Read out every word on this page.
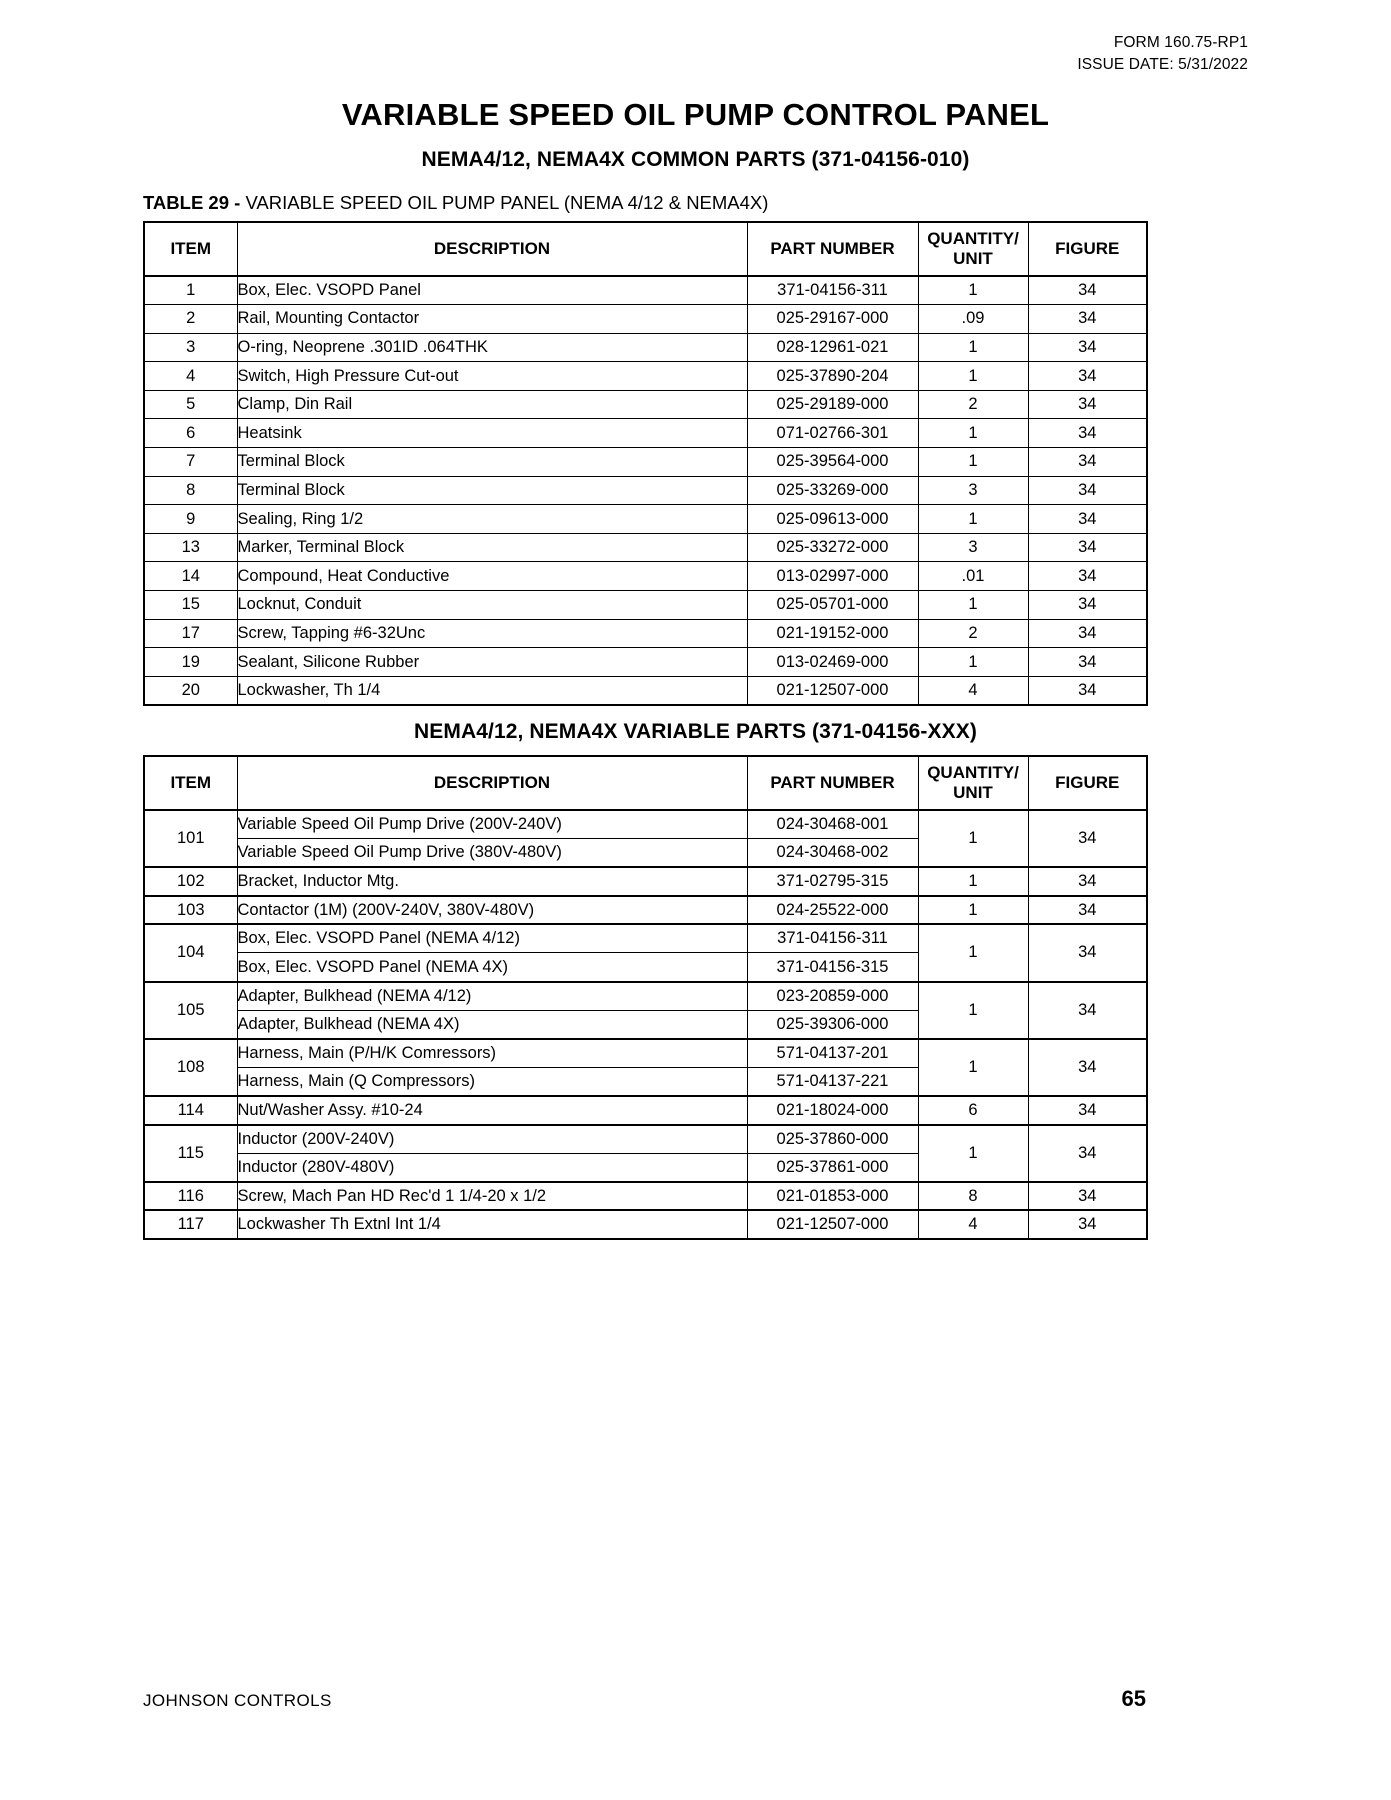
FORM 160.75-RP1
ISSUE DATE: 5/31/2022
VARIABLE SPEED OIL PUMP CONTROL PANEL
NEMA4/12, NEMA4X COMMON PARTS (371-04156-010)
TABLE 29 - VARIABLE SPEED OIL PUMP PANEL (NEMA 4/12 & NEMA4X)
ITEM	DESCRIPTION	PART NUMBER	QUANTITY/
UNIT	FIGURE
1	Box, Elec. VSOPD Panel	371-04156-311	1	34
2	Rail, Mounting Contactor	025-29167-000	.09	34
3	O-ring, Neoprene .301ID .064THK	028-12961-021	1	34
4	Switch, High Pressure Cut-out	025-37890-204	1	34
5	Clamp, Din Rail	025-29189-000	2	34
6	Heatsink	071-02766-301	1	34
7	Terminal Block	025-39564-000	1	34
8	Terminal Block	025-33269-000	3	34
9	Sealing, Ring 1/2	025-09613-000	1	34
13	Marker, Terminal Block	025-33272-000	3	34
14	Compound, Heat Conductive	013-02997-000	.01	34
15	Locknut, Conduit	025-05701-000	1	34
17	Screw, Tapping #6-32Unc	021-19152-000	2	34
19	Sealant, Silicone Rubber	013-02469-000	1	34
20	Lockwasher, Th 1/4	021-12507-000	4	34
NEMA4/12, NEMA4X VARIABLE PARTS (371-04156-XXX)
ITEM	DESCRIPTION	PART NUMBER	QUANTITY/
UNIT	FIGURE
101	Variable Speed Oil Pump Drive (200V-240V)	024-30468-001	1	34
	Variable Speed Oil Pump Drive (380V-480V)	024-30468-002		
102	Bracket, Inductor Mtg.	371-02795-315	1	34
103	Contactor (1M) (200V-240V, 380V-480V)	024-25522-000	1	34
104	Box, Elec. VSOPD Panel (NEMA 4/12)	371-04156-311	1	34
	Box, Elec. VSOPD Panel (NEMA 4X)	371-04156-315		
105	Adapter, Bulkhead (NEMA 4/12)	023-20859-000	1	34
	Adapter, Bulkhead (NEMA 4X)	025-39306-000		
108	Harness, Main (P/H/K Comressors)	571-04137-201	1	34
	Harness, Main (Q Compressors)	571-04137-221		
114	Nut/Washer Assy. #10-24	021-18024-000	6	34
115	Inductor (200V-240V)	025-37860-000	1	34
	Inductor (280V-480V)	025-37861-000		
116	Screw, Mach Pan HD Rec'd 1 1/4-20 x 1/2	021-01853-000	8	34
117	Lockwasher Th Extnl Int 1/4	021-12507-000	4	34
JOHNSON CONTROLS	65
